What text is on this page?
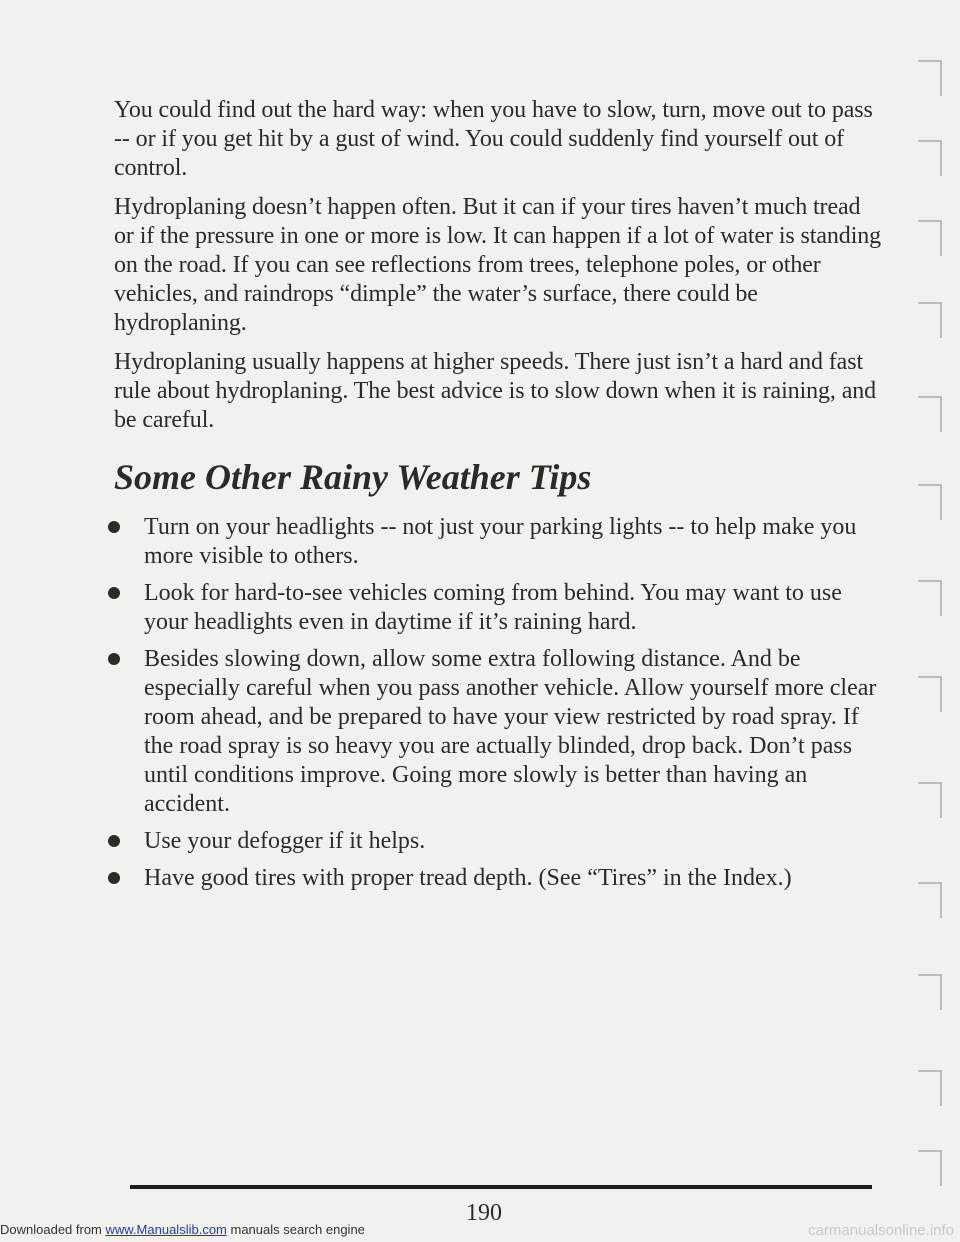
You could find out the hard way: when you have to slow, turn, move out to pass -- or if you get hit by a gust of wind. You could suddenly find yourself out of control.

Hydroplaning doesn’t happen often. But it can if your tires haven’t much tread or if the pressure in one or more is low. It can happen if a lot of water is standing on the road. If you can see reflections from trees, telephone poles, or other vehicles, and raindrops “dimple” the water’s surface, there could be hydroplaning.

Hydroplaning usually happens at higher speeds. There just isn’t a hard and fast rule about hydroplaning. The best advice is to slow down when it is raining, and be careful.

Some Other Rainy Weather Tips
Turn on your headlights -- not just your parking lights -- to help make you more visible to others.
Look for hard-to-see vehicles coming from behind. You may want to use your headlights even in daytime if it’s raining hard.
Besides slowing down, allow some extra following distance. And be especially careful when you pass another vehicle. Allow yourself more clear room ahead, and be prepared to have your view restricted by road spray. If the road spray is so heavy you are actually blinded, drop back. Don’t pass until conditions improve. Going more slowly is better than having an accident.
Use your defogger if it helps.
Have good tires with proper tread depth. (See “Tires” in the Index.)
190
Downloaded from www.Manualslib.com manuals search engine	carmanualsonline.info
